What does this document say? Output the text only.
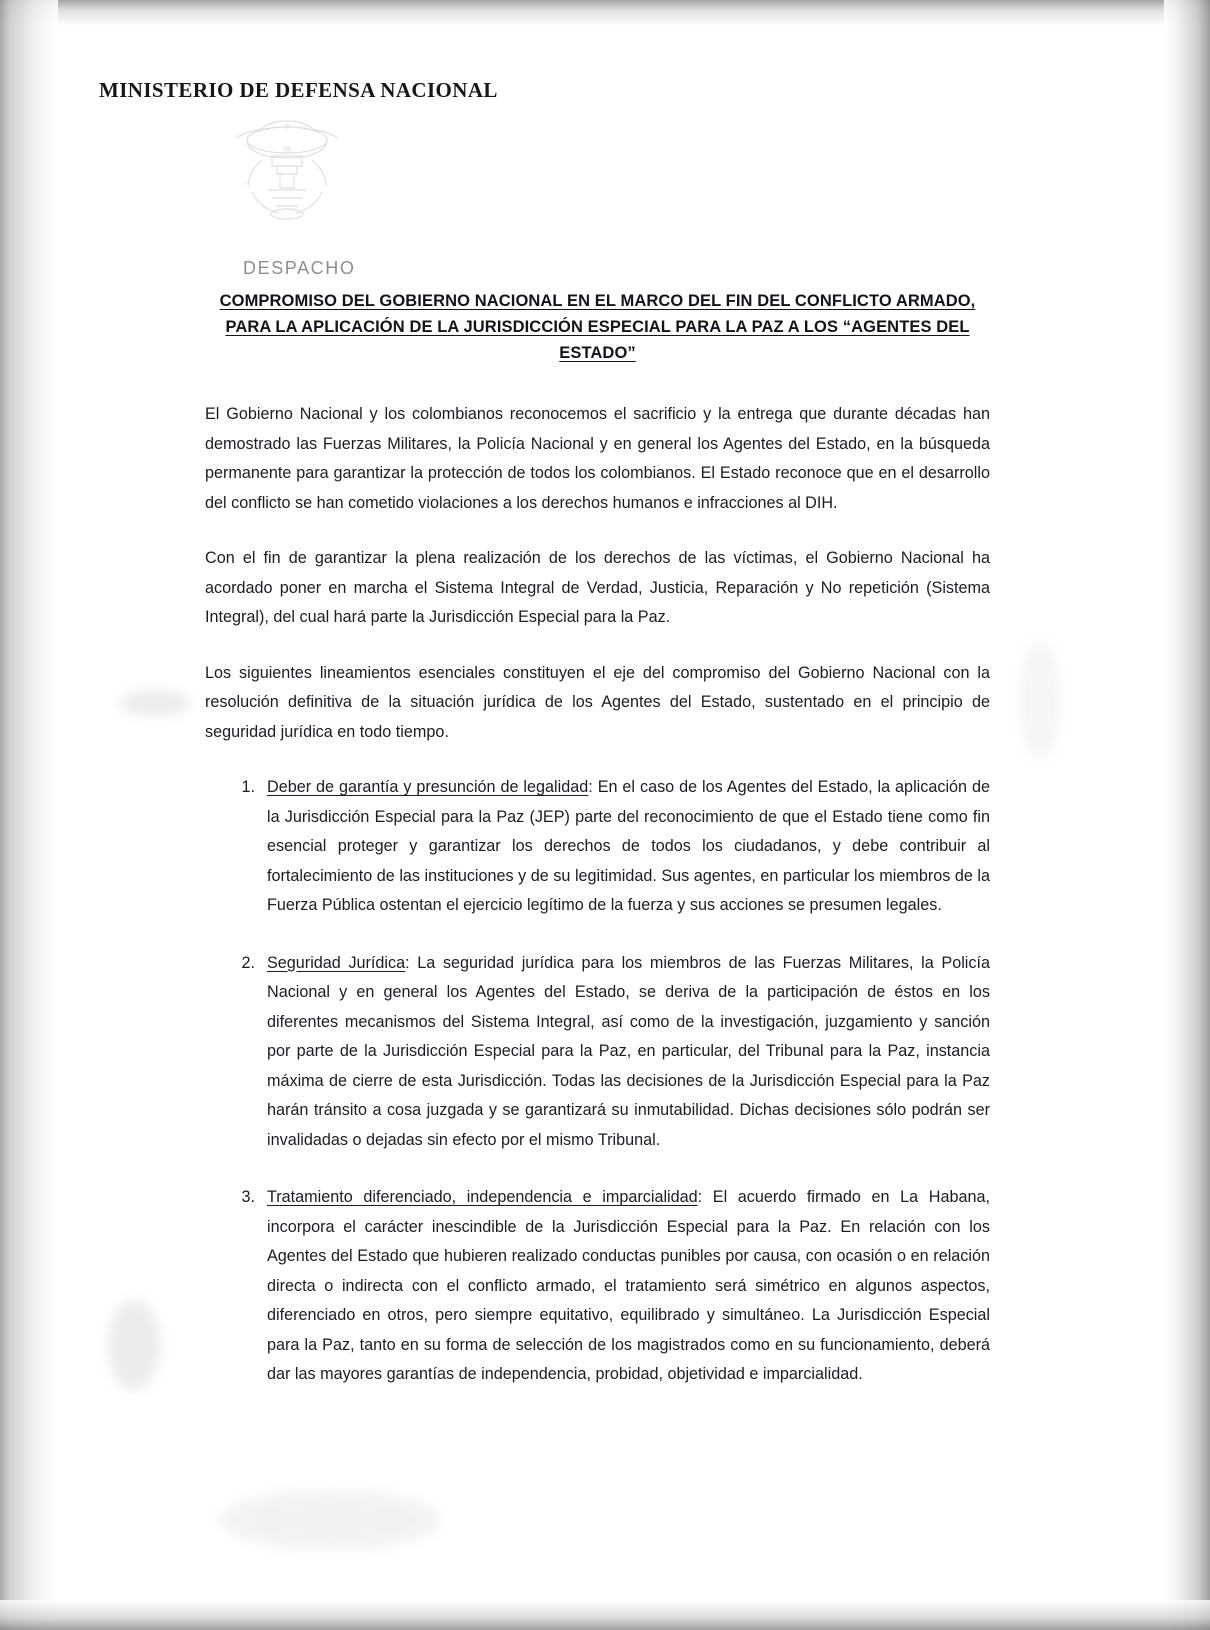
MINISTERIO DE DEFENSA NACIONAL
DESPACHO
COMPROMISO DEL GOBIERNO NACIONAL EN EL MARCO DEL FIN DEL CONFLICTO ARMADO,
PARA LA APLICACIÓN DE LA JURISDICCIÓN ESPECIAL PARA LA PAZ A LOS “AGENTES DEL
ESTADO”

El Gobierno Nacional y los colombianos reconocemos el sacrificio y la entrega que durante décadas han demostrado las Fuerzas Militares, la Policía Nacional y en general los Agentes del Estado, en la búsqueda permanente para garantizar la protección de todos los colombianos. El Estado reconoce que en el desarrollo del conflicto se han cometido violaciones a los derechos humanos e infracciones al DIH.

Con el fin de garantizar la plena realización de los derechos de las víctimas, el Gobierno Nacional ha acordado poner en marcha el Sistema Integral de Verdad, Justicia, Reparación y No repetición (Sistema Integral), del cual hará parte la Jurisdicción Especial para la Paz.

Los siguientes lineamientos esenciales constituyen el eje del compromiso del Gobierno Nacional con la resolución definitiva de la situación jurídica de los Agentes del Estado, sustentado en el principio de seguridad jurídica en todo tiempo.

1. Deber de garantía y presunción de legalidad: En el caso de los Agentes del Estado, la aplicación de la Jurisdicción Especial para la Paz (JEP) parte del reconocimiento de que el Estado tiene como fin esencial proteger y garantizar los derechos de todos los ciudadanos, y debe contribuir al fortalecimiento de las instituciones y de su legitimidad. Sus agentes, en particular los miembros de la Fuerza Pública ostentan el ejercicio legítimo de la fuerza y sus acciones se presumen legales.
2. Seguridad Jurídica: La seguridad jurídica para los miembros de las Fuerzas Militares, la Policía Nacional y en general los Agentes del Estado, se deriva de la participación de éstos en los diferentes mecanismos del Sistema Integral, así como de la investigación, juzgamiento y sanción por parte de la Jurisdicción Especial para la Paz, en particular, del Tribunal para la Paz, instancia máxima de cierre de esta Jurisdicción. Todas las decisiones de la Jurisdicción Especial para la Paz harán tránsito a cosa juzgada y se garantizará su inmutabilidad. Dichas decisiones sólo podrán ser invalidadas o dejadas sin efecto por el mismo Tribunal.
3. Tratamiento diferenciado, independencia e imparcialidad: El acuerdo firmado en La Habana, incorpora el carácter inescindible de la Jurisdicción Especial para la Paz. En relación con los Agentes del Estado que hubieren realizado conductas punibles por causa, con ocasión o en relación directa o indirecta con el conflicto armado, el tratamiento será simétrico en algunos aspectos, diferenciado en otros, pero siempre equitativo, equilibrado y simultáneo. La Jurisdicción Especial para la Paz, tanto en su forma de selección de los magistrados como en su funcionamiento, deberá dar las mayores garantías de independencia, probidad, objetividad e imparcialidad.
